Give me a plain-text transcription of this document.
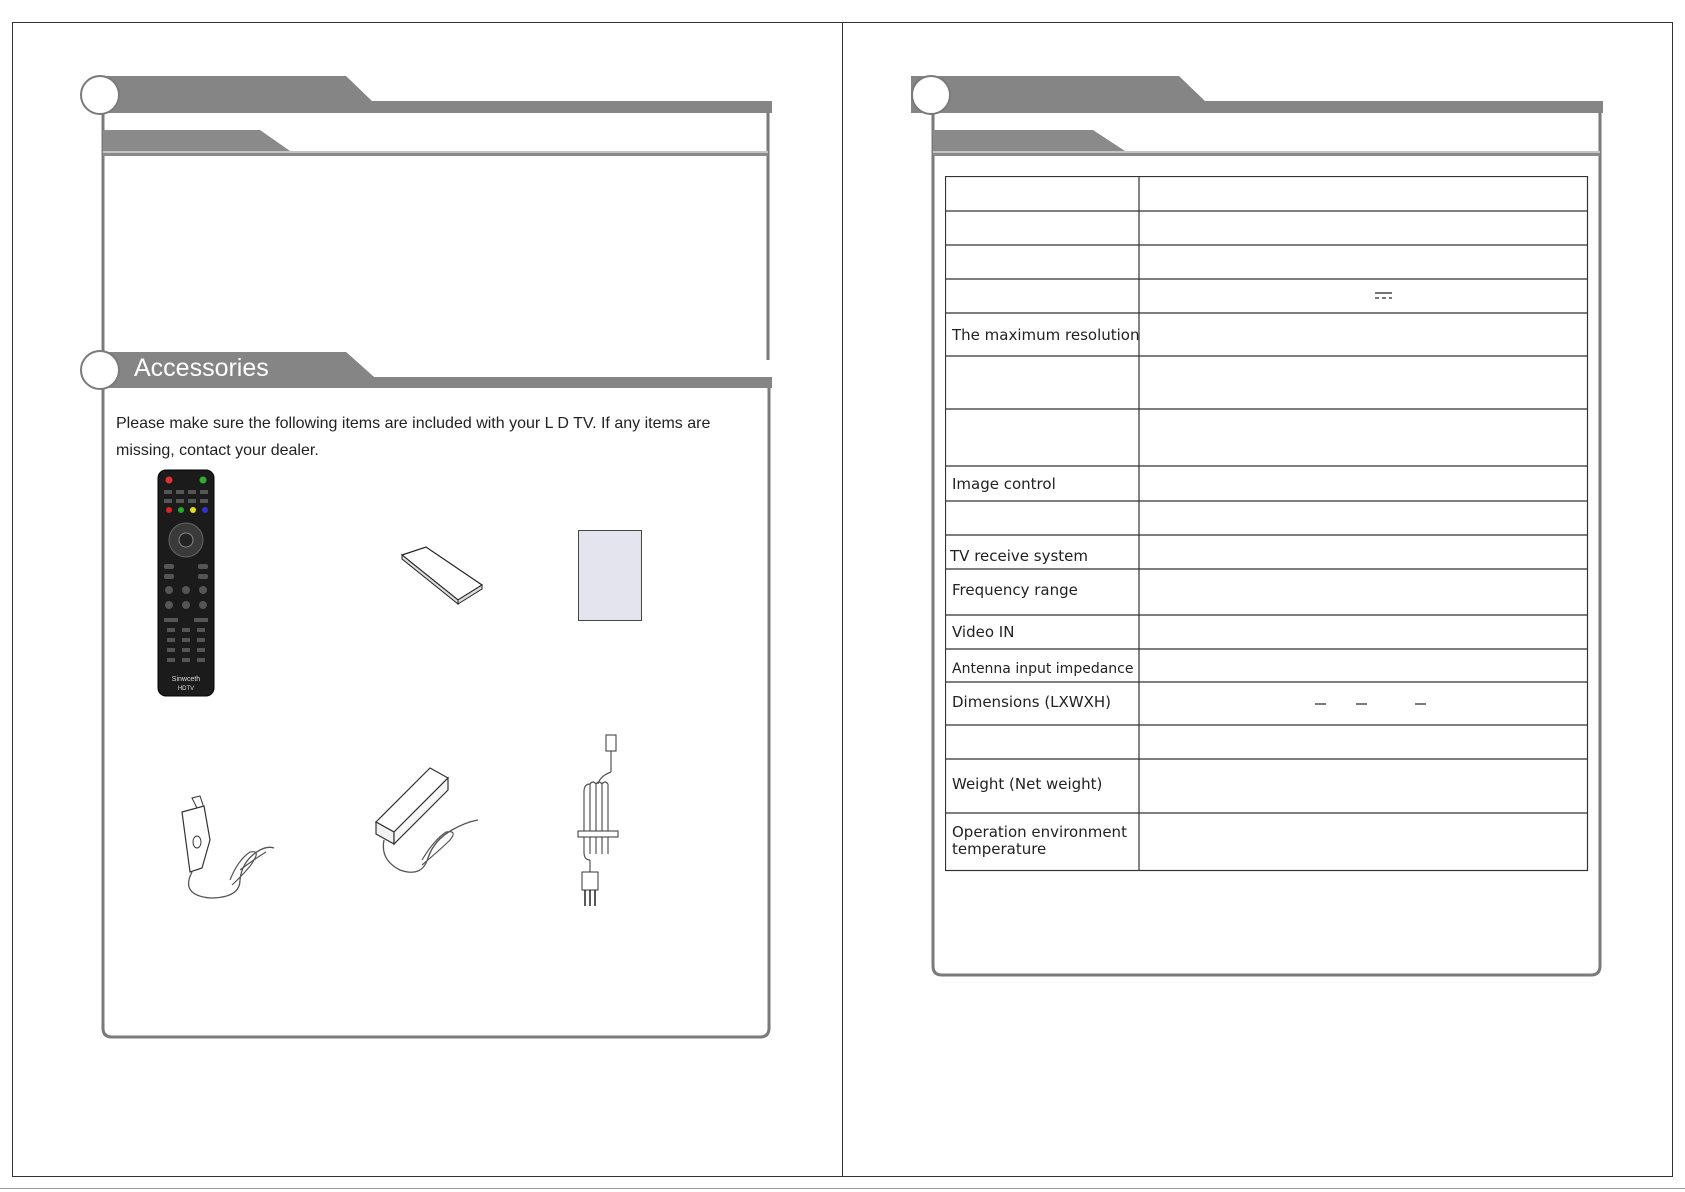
Accessories
Please make sure the following items are included with your L D TV. If any items are
missing, contact your dealer.
Sinwceth
HDTV
The maximum resolution
Image control
TV receive system
Frequency range
Video IN
Antenna input impedance
Dimensions (LXWXH)
Weight (Net weight)
Operation environment
temperature
